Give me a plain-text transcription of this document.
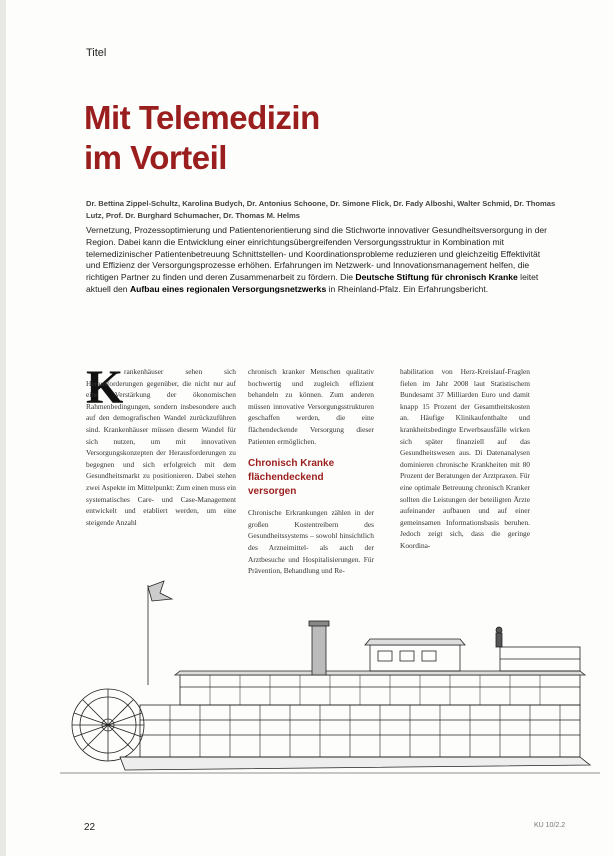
Titel
Mit Telemedizin
im Vorteil
Dr. Bettina Zippel-Schultz, Karolina Budych, Dr. Antonius Schoone, Dr. Simone Flick, Dr. Fady Alboshi, Walter Schmid, Dr. Thomas Lutz, Prof. Dr. Burghard Schumacher, Dr. Thomas M. Helms
Vernetzung, Prozessoptimierung und Patientenorientierung sind die Stichworte innovativer Gesundheitsversorgung in der Region. Dabei kann die Entwicklung einer einrichtungsübergreifenden Versorgungsstruktur in Kombination mit telemedizinischer Patientenbetreuung Schnittstellen- und Koordinationsprobleme reduzieren und gleichzeitig Effektivität und Effizienz der Versorgungsprozesse erhöhen. Erfahrungen im Netzwerk- und Innovationsmanagement helfen, die richtigen Partner zu finden und deren Zusammenarbeit zu fördern. Die Deutsche Stiftung für chronisch Kranke leitet aktuell den Aufbau eines regionalen Versorgungsnetzwerks in Rheinland-Pfalz. Ein Erfahrungsbericht.
K rankenhäuser sehen sich Herausforderungen gegenüber, die nicht nur auf eine Verstärkung der ökonomischen Rahmenbedingungen, sondern insbesondere auch auf den demografischen Wandel zurückzuführen sind. Krankenhäuser müssen diesem Wandel für sich nutzen, um mit innovativen Versorgungskonzepten der Herausforderungen zu begegnen und sich erfolgreich mit dem Gesundheitsmarkt zu positionieren. Dabei stehen zwei Aspekte im Mittelpunkt: Zum einen muss ein systematisches Care- und Case-Management entwickelt und etabliert werden, um eine steigende Anzahl
chronisch kranker Menschen qualitativ hochwertig und zugleich effizient behandeln zu können. Zum anderen müssen innovative Versorgungsstrukturen geschaffen werden, die eine flächendeckende Versorgung dieser Patienten ermöglichen.
Chronisch Kranke flächendeckend versorgen
Chronische Erkrankungen zählen in der großen Kostentreibern des Gesundheitssystems – sowohl hinsichtlich des Arzneimittel- als auch der Arztbesuche und Hospitalisierungen. Für Prävention, Behandlung und Re-
habilitation von Herz-Kreislauf-Fraglen fielen im Jahr 2008 laut Statistischem Bundesamt 37 Milliarden Euro und damit knapp 15 Prozent der Gesamtheitskosten an. Häufige Klinikaufenthalte und krankheitsbedingte Erwerbsausfälle wirken sich später finanziell auf das Gesundheitswesen aus. Di Datenanalysen dominieren chronische Krankheiten mit 80 Prozent der Beratungen der Arztpraxen. Für eine optimale Betreuung chronisch Kranker sollten die Leistungen der beteiligten Ärzte aufeinander aufbauen und auf einer gemeinsamen Informationsbasis beruhen. Jedoch zeigt sich, dass die geringe Koordina-
22	KU 10/2.2
